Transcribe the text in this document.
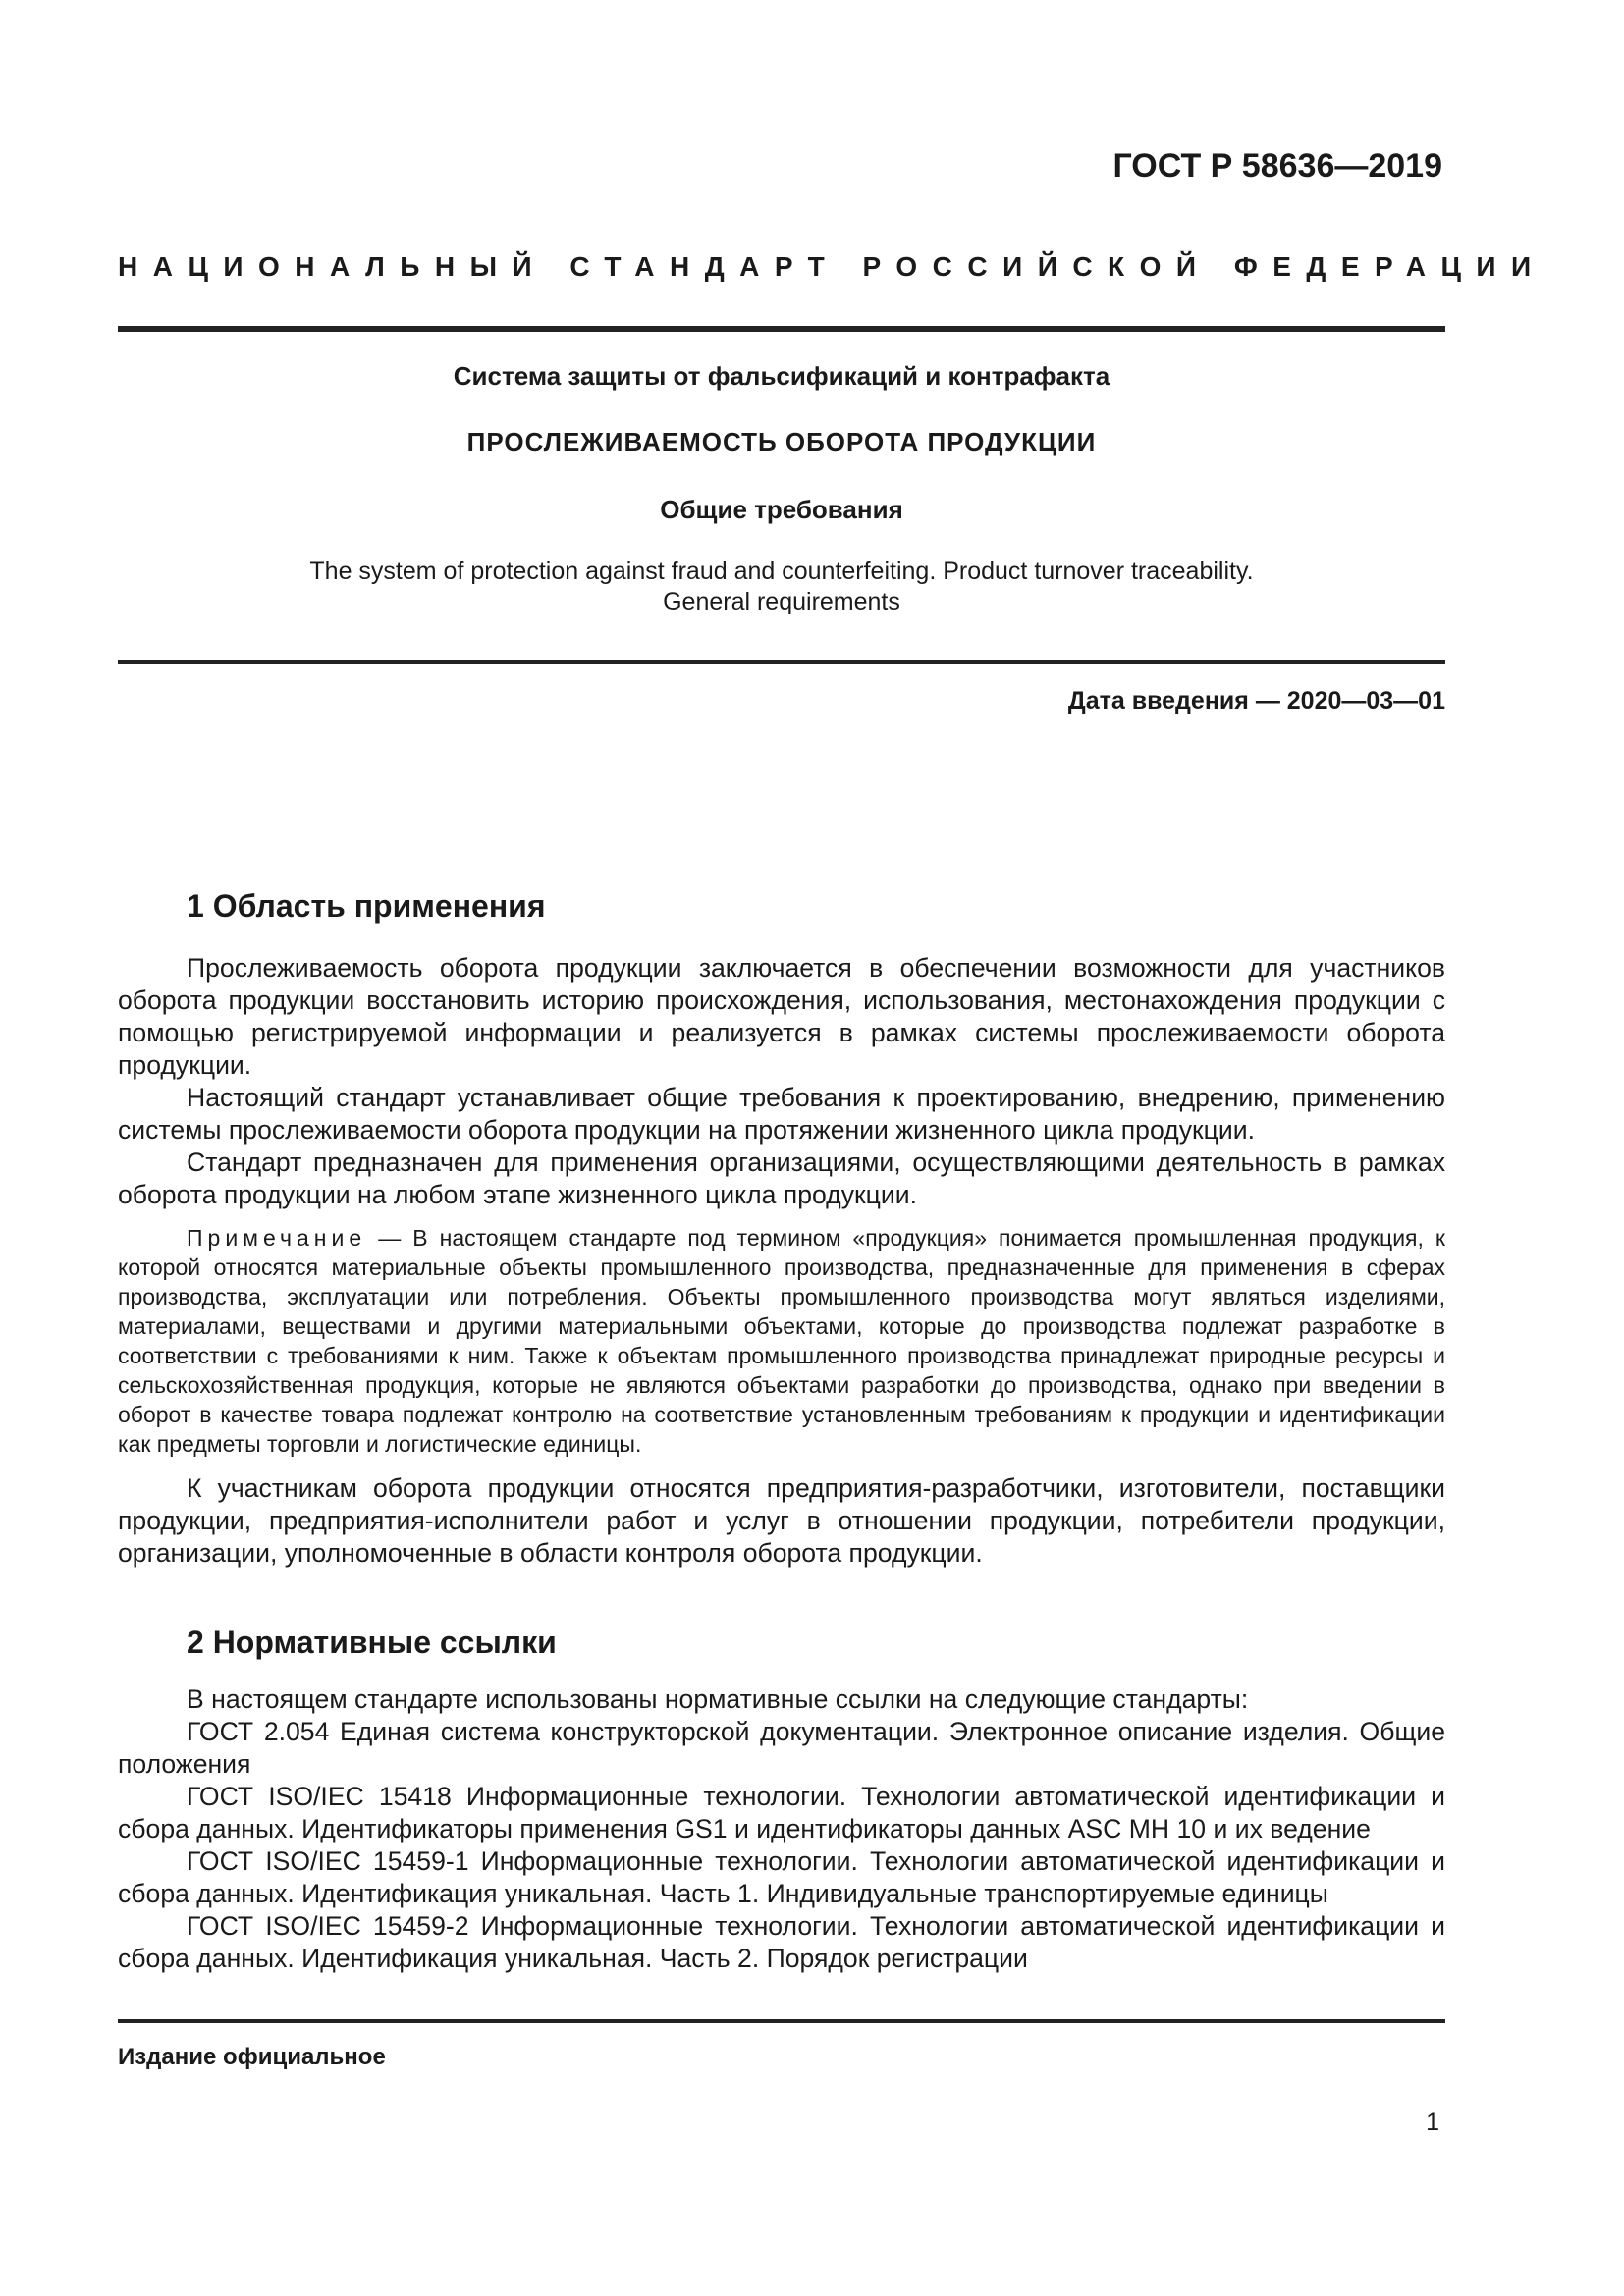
ГОСТ Р 58636—2019
НАЦИОНАЛЬНЫЙ СТАНДАРТ РОССИЙСКОЙ ФЕДЕРАЦИИ
Система защиты от фальсификаций и контрафакта
ПРОСЛЕЖИВАЕМОСТЬ ОБОРОТА ПРОДУКЦИИ
Общие требования
The system of protection against fraud and counterfeiting. Product turnover traceability.
General requirements
Дата введения — 2020—03—01
1 Область применения

Прослеживаемость оборота продукции заключается в обеспечении возможности для участников оборота продукции восстановить историю происхождения, использования, местонахождения продукции с помощью регистрируемой информации и реализуется в рамках системы прослеживаемости оборота продукции.

Настоящий стандарт устанавливает общие требования к проектированию, внедрению, применению системы прослеживаемости оборота продукции на протяжении жизненного цикла продукции.

Стандарт предназначен для применения организациями, осуществляющими деятельность в рамках оборота продукции на любом этапе жизненного цикла продукции.

Примечание — В настоящем стандарте под термином «продукция» понимается промышленная продукция, к которой относятся материальные объекты промышленного производства, предназначенные для применения в сферах производства, эксплуатации или потребления. Объекты промышленного производства могут являться изделиями, материалами, веществами и другими материальными объектами, которые до производства подлежат разработке в соответствии с требованиями к ним. Также к объектам промышленного производства принадлежат природные ресурсы и сельскохозяйственная продукция, которые не являются объектами разработки до производства, однако при введении в оборот в качестве товара подлежат контролю на соответствие установленным требованиям к продукции и идентификации как предметы торговли и логистические единицы.

К участникам оборота продукции относятся предприятия-разработчики, изготовители, поставщики продукции, предприятия-исполнители работ и услуг в отношении продукции, потребители продукции, организации, уполномоченные в области контроля оборота продукции.

2 Нормативные ссылки

В настоящем стандарте использованы нормативные ссылки на следующие стандарты:

ГОСТ 2.054 Единая система конструкторской документации. Электронное описание изделия. Общие положения

ГОСТ ISO/IEC 15418 Информационные технологии. Технологии автоматической идентификации и сбора данных. Идентификаторы применения GS1 и идентификаторы данных ASC MH 10 и их ведение

ГОСТ ISO/IEC 15459-1 Информационные технологии. Технологии автоматической идентификации и сбора данных. Идентификация уникальная. Часть 1. Индивидуальные транспортируемые единицы

ГОСТ ISO/IEC 15459-2 Информационные технологии. Технологии автоматической идентификации и сбора данных. Идентификация уникальная. Часть 2. Порядок регистрации

Издание официальное
1
